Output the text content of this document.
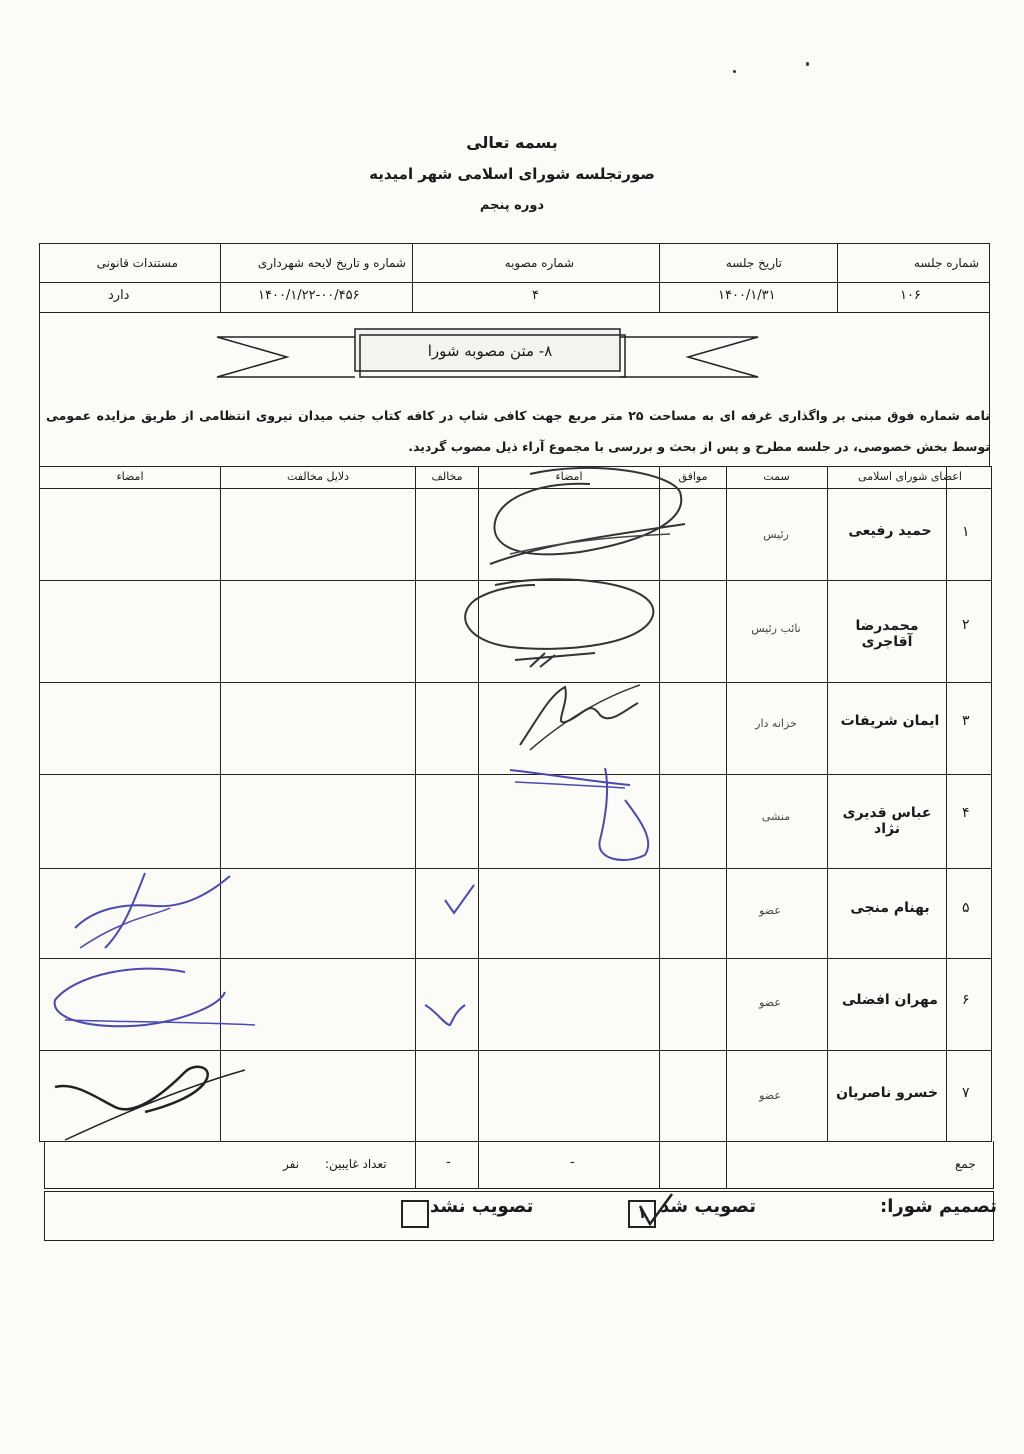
بسمه تعالی
صورتجلسه شورای اسلامی شهر امیدیه
دوره پنجم
شماره جلسه
تاریخ جلسه
شماره مصوبه
شماره و تاریخ لایحه شهرداری
مستندات قانونی
۱۰۶
۱۴۰۰/۱/۳۱
۴
۱۴۰۰/۱/۲۲-۰۰/۴۵۶
دارد
۸- متن مصوبه شورا
نامه شماره فوق مبنی بر واگذاری غرفه ای به مساحت ۲۵ متر مربع جهت کافی شاپ در کافه کتاب جنب میدان نیروی انتظامی از طریق مزایده عمومی توسط بخش خصوصی، در جلسه مطرح و پس از بحث و بررسی با مجموع آراء ذیل مصوب گردید.
اعضای شورای اسلامی
سمت
موافق
امضاء
مخالف
دلایل مخالفت
امضاء
۱
حمید رفیعی
رئیس
۲
محمدرضا آقاجری
نائب رئیس
۳
ایمان شریفات
خزانه دار
۴
عباس قدیری نژاد
منشی
۵
بهنام منجی
عضو
۶
مهران افضلی
عضو
۷
خسرو ناصریان
عضو
جمع
-
-
تعداد غایبین:
نفر
تصمیم شورا:
تصویب شد
۱
تصویب نشد
